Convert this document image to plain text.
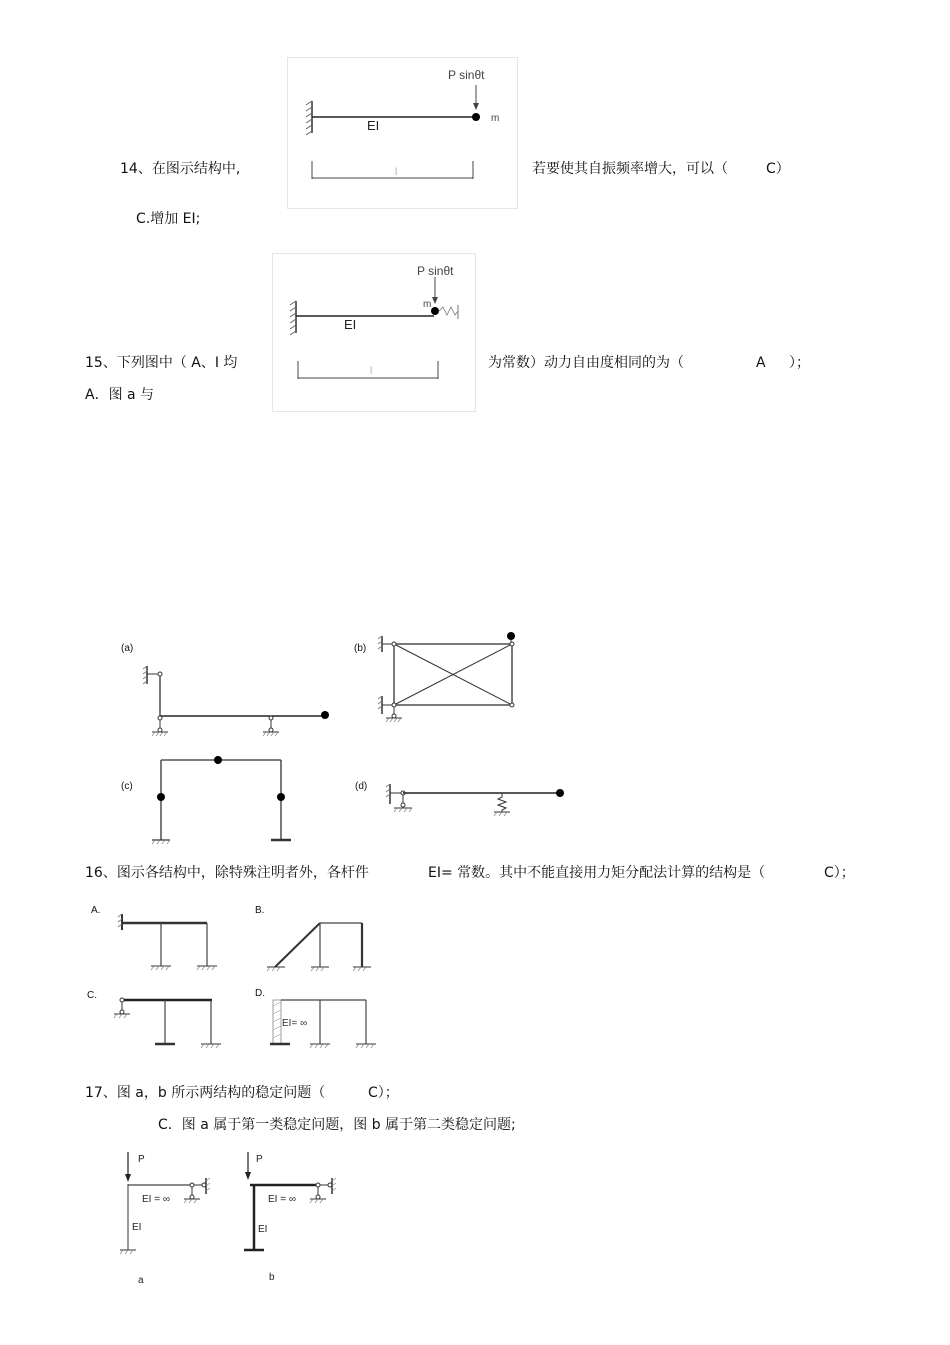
14、在图示结构中,
EI
P sinθt
m
l	若要使其自振频率增大，可以（	C）
C.增加 EI;
EI
P sinθt
m
l
15、下列图中（ A、I 均	为常数）动力自由度相同的为（	A ）；
A．图 a 与
(a)	(b)
(c)	(d)
16、图示各结构中，除特殊注明者外，各杆件	EI= 常数。其中不能直接用力矩分配法计算的结构是（	C）；
A.	B.
C.	D.
EI= ∞
17、图 a，b 所示两结构的稳定问题（	C）；
C．图 a 属于第一类稳定问题，图 b 属于第二类稳定问题;
P
EI = ∞
EI
a
P
EI = ∞
EI
b
